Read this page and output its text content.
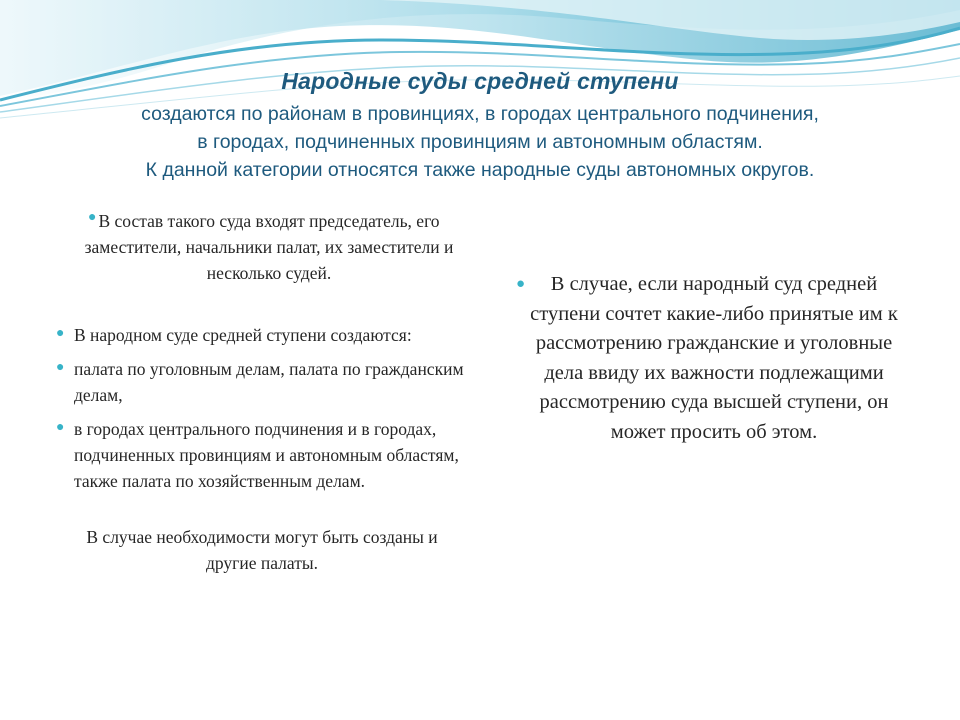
Народные суды средней ступени
создаются по районам в провинциях, в городах центрального подчинения,
в городах, подчиненных провинциям и автономным областям.
К данной категории относятся также народные суды автономных округов.
● В состав такого суда входят председатель, его заместители, начальники палат, их заместители и несколько судей.
● В народном суде средней ступени создаются:
● палата по уголовным делам, палата по гражданским делам,
● в городах центрального подчинения и в городах, подчиненных провинциям и автономным областям, также палата по хозяйственным делам.
В случае необходимости могут быть созданы и другие палаты.
●	В случае, если народный суд средней ступени сочтет какие-либо принятые им к рассмотрению гражданские и уголовные дела ввиду их важности подлежащими рассмотрению суда высшей ступени, он может просить об этом.
